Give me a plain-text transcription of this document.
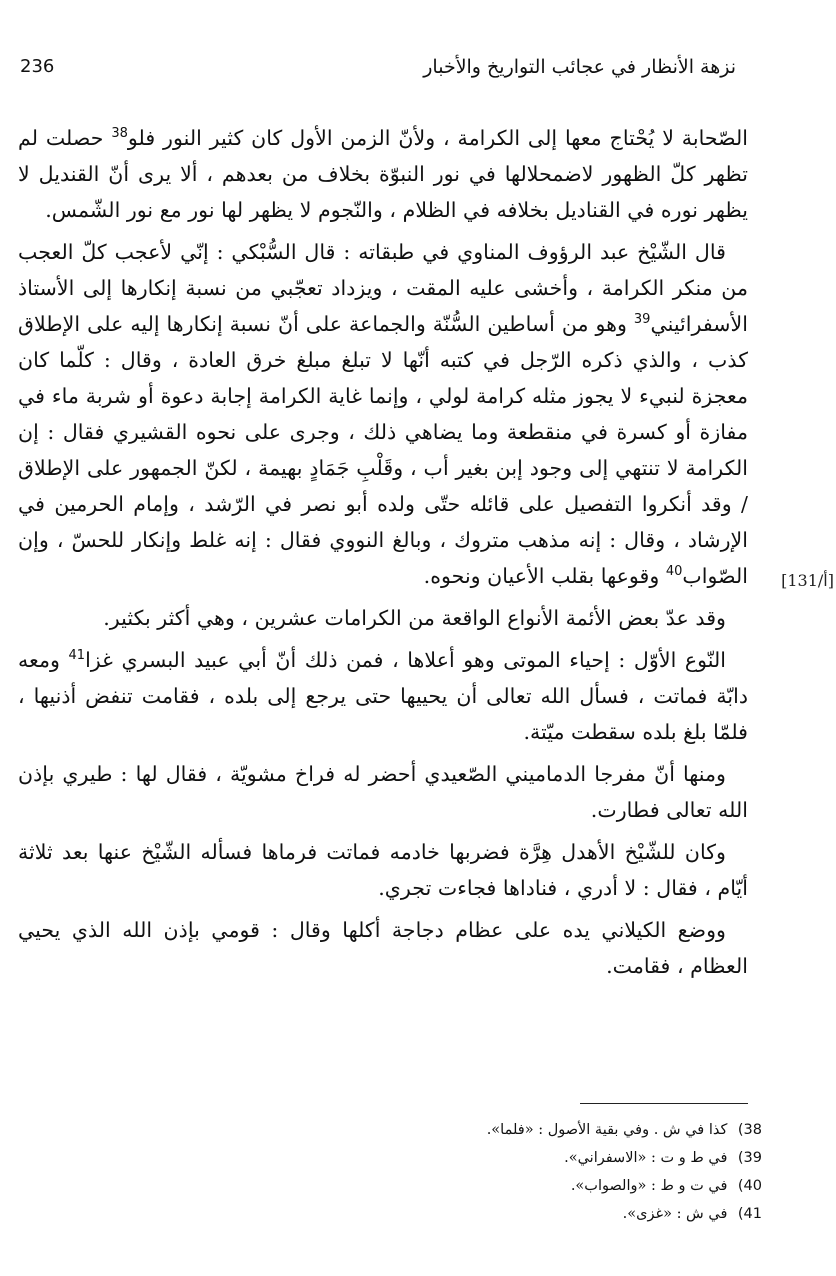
نزهة الأنظار في عجائب التواريخ والأخبار
236
[131/أ]

الصّحابة لا يُحْتاج معها إلى الكرامة ، ولأنّ الزمن الأول كان كثير النور فلو$^{38}$ حصلت لم تظهر كلّ الظهور لاضمحلالها في نور النبوّة بخلاف من بعدهم ، ألا يرى أنّ القنديل لا يظهر نوره في القناديل بخلافه في الظلام ، والنّجوم لا يظهر لها نور مع نور الشّمس.

قال الشّيْخ عبد الرؤوف المناوي في طبقاته : قال السُّبْكي : إنّي لأعجب كلّ العجب من منكر الكرامة ، وأخشى عليه المقت ، ويزداد تعجّبي من نسبة إنكارها إلى الأستاذ الأسفرائيني$^{39}$ وهو من أساطين السُّنّة والجماعة على أنّ نسبة إنكارها إليه على الإطلاق كذب ، والذي ذكره الرّجل في كتبه أنّها لا تبلغ مبلغ خرق العادة ، وقال : كلّما كان معجزة لنبيء لا يجوز مثله كرامة لولي ، وإنما غاية الكرامة إجابة دعوة أو شربة ماء في مفازة أو كسرة في منقطعة وما يضاهي ذلك ، وجرى على نحوه القشيري فقال : إن الكرامة لا تنتهي إلى وجود إبن بغير أب ، وقَلْبِ جَمَادٍ بهيمة ، لكنّ الجمهور على الإطلاق / وقد أنكروا التفصيل على قائله حتّى ولده أبو نصر في الرّشد ، وإمام الحرمين في الإرشاد ، وقال : إنه مذهب متروك ، وبالغ النووي فقال : إنه غلط وإنكار للحسّ ، وإن الصّواب$^{40}$ وقوعها بقلب الأعيان ونحوه.

وقد عدّ بعض الأئمة الأنواع الواقعة من الكرامات عشرين ، وهي أكثر بكثير.

النّوع الأوّل : إحياء الموتى وهو أعلاها ، فمن ذلك أنّ أبي عبيد البسري غزا$^{41}$ ومعه دابّة فماتت ، فسأل الله تعالى أن يحييها حتى يرجع إلى بلده ، فقامت تنفض أذنيها ، فلمّا بلغ بلده سقطت ميّتة.

ومنها أنّ مفرجا الدماميني الصّعيدي أحضر له فراخ مشويّة ، فقال لها : طيري بإذن الله تعالى فطارت.

وكان للشّيْخ الأهدل هِرَّة فضربها خادمه فماتت فرماها فسأله الشّيْخ عنها بعد ثلاثة أيّام ، فقال : لا أدري ، فناداها فجاءت تجري.

ووضع الكيلاني يده على عظام دجاجة أكلها وقال : قومي بإذن الله الذي يحيي العظام ، فقامت.

38) كذا في ش . وفي بقية الأصول : «فلما».
39) في ط و ت : «الاسفراني».
40) في ت و ط : «والصواب».
41) في ش : «غزى».
